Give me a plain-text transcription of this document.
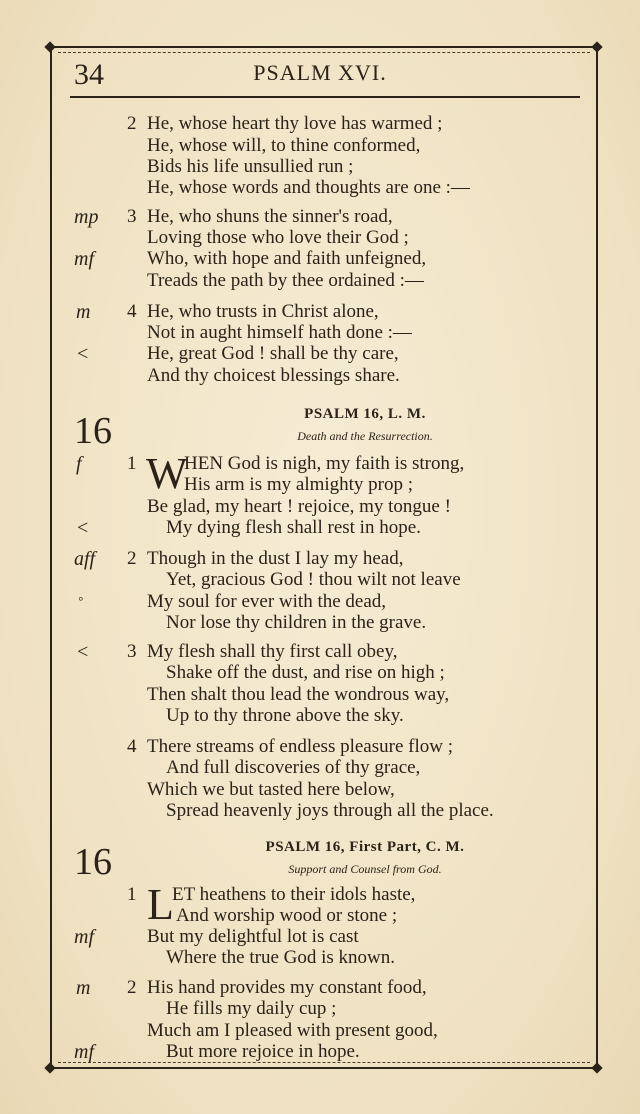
34	PSALM XVI.
2 He, whose heart thy love has warmed ;
He, whose will, to thine conformed,
Bids his life unsullied run ;
He, whose words and thoughts are one :—
mp 3 He, who shuns the sinner's road,
Loving those who love their God ;
mf	Who, with hope and faith unfeigned,
Treads the path by thee ordained :—
m 4 He, who trusts in Christ alone,
Not in aught himself hath done :—
<	He, great God ! shall be thy care,
And thy choicest blessings share.
16	PSALM 16, L. M.
Death and the Resurrection.
f 1 W
HEN God is nigh, my faith is strong,
His arm is my almighty prop ;
Be glad, my heart ! rejoice, my tongue !
<	My dying flesh shall rest in hope.
aff 2 Though in the dust I lay my head,
Yet, gracious God ! thou wilt not leave
°	My soul for ever with the dead,
Nor lose thy children in the grave.
< 3 My flesh shall thy first call obey,
Shake off the dust, and rise on high ;
Then shalt thou lead the wondrous way,
Up to thy throne above the sky.
4 There streams of endless pleasure flow ;
And full discoveries of thy grace,
Which we but tasted here below,
Spread heavenly joys through all the place.
16	PSALM 16, First Part, C. M.
Support and Counsel from God.
1 L
ET heathens to their idols haste,
And worship wood or stone ;
mf	But my delightful lot is cast
Where the true God is known.
m 2 His hand provides my constant food,
He fills my daily cup ;
Much am I pleased with present good,
mf	But more rejoice in hope.
